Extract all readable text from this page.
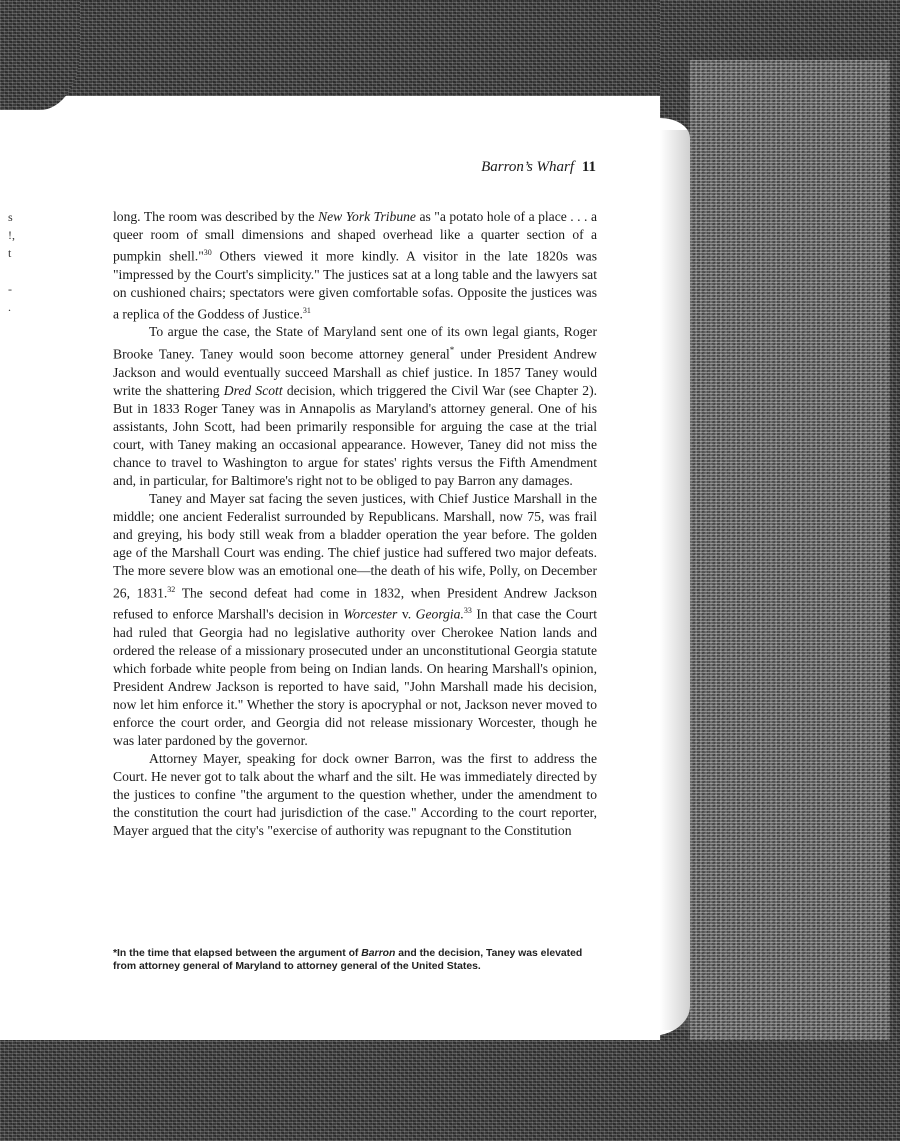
Barron’s Wharf 11
s
!,
t
-
.

long. The room was described by the New York Tribune as "a potato hole of a place . . . a queer room of small dimensions and shaped overhead like a quarter section of a pumpkin shell."$^{30}$ Others viewed it more kindly. A visitor in the late 1820s was "impressed by the Court's simplicity." The justices sat at a long table and the lawyers sat on cushioned chairs; spectators were given comfortable sofas. Opposite the justices was a replica of the Goddess of Justice.$^{31}$

To argue the case, the State of Maryland sent one of its own legal giants, Roger Brooke Taney. Taney would soon become attorney general* under President Andrew Jackson and would eventually succeed Marshall as chief justice. In 1857 Taney would write the shattering Dred Scott decision, which triggered the Civil War (see Chapter 2). But in 1833 Roger Taney was in Annapolis as Maryland's attorney general. One of his assistants, John Scott, had been primarily responsible for arguing the case at the trial court, with Taney making an occasional appearance. However, Taney did not miss the chance to travel to Washington to argue for states' rights versus the Fifth Amendment and, in particular, for Baltimore's right not to be obliged to pay Barron any damages.

Taney and Mayer sat facing the seven justices, with Chief Justice Marshall in the middle; one ancient Federalist surrounded by Republicans. Marshall, now 75, was frail and greying, his body still weak from a bladder operation the year before. The golden age of the Marshall Court was ending. The chief justice had suffered two major defeats. The more severe blow was an emotional one—the death of his wife, Polly, on December 26, 1831.32 The second defeat had come in 1832, when President Andrew Jackson refused to enforce Marshall's decision in Worcester v. Georgia.$^{33}$ In that case the Court had ruled that Georgia had no legislative authority over Cherokee Nation lands and ordered the release of a missionary prosecuted under an unconstitutional Georgia statute which forbade white people from being on Indian lands. On hearing Marshall's opinion, President Andrew Jackson is reported to have said, "John Marshall made his decision, now let him enforce it." Whether the story is apocryphal or not, Jackson never moved to enforce the court order, and Georgia did not release missionary Worcester, though he was later pardoned by the governor.

Attorney Mayer, speaking for dock owner Barron, was the first to address the Court. He never got to talk about the wharf and the silt. He was immediately directed by the justices to confine "the argument to the question whether, under the amendment to the constitution the court had jurisdiction of the case." According to the court reporter, Mayer argued that the city's "exercise of authority was repugnant to the Constitution

*In the time that elapsed between the argument of Barron and the decision, Taney was elevated from attorney general of Maryland to attorney general of the United States.
